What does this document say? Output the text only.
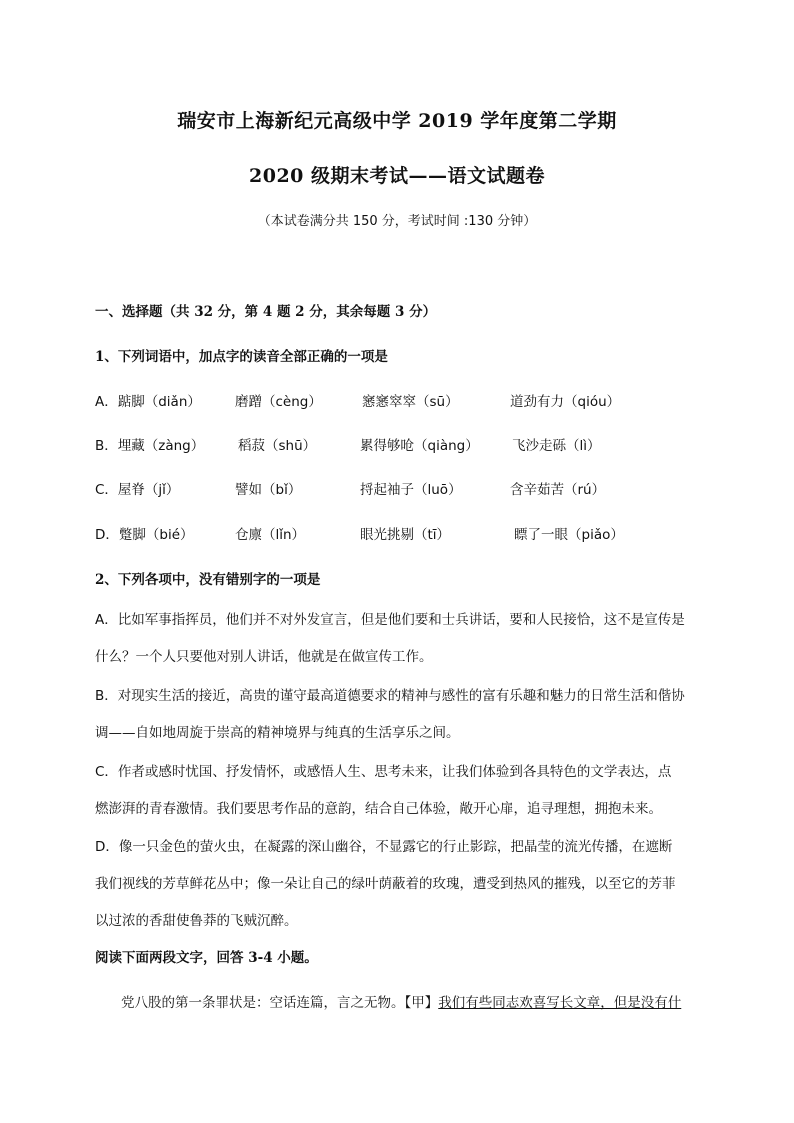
瑞安市上海新纪元高级中学 2019 学年度第二学期
2020 级期末考试——语文试题卷
（本试卷满分共 150 分，考试时间 :130 分钟）
一、选择题（共 32 分，第 4 题 2 分，其余每题 3 分）
1、下列词语中，加点字的读音全部正确的一项是
A．踮脚（diǎn）	磨蹭（cèng）	窸窸窣窣（sū）	道劲有力（qióu）
B．埋藏（zàng）	稻菽（shū）	累得够呛（qiàng） 飞沙走砾（lì）
C．屋脊（jǐ）	譬如（bǐ）	捋起袖子（luō）	含辛茹苦（rú）
D．蹩脚（bié）	仓廪（lǐn）	眼光挑剔（tī）	瞟了一眼（piǎo）
2、下列各项中，没有错别字的一项是
A．比如军事指挥员，他们并不对外发宣言，但是他们要和士兵讲话，要和人民接恰，这不是宣传是
什么？一个人只要他对别人讲话，他就是在做宣传工作。
B．对现实生活的接近，高贵的谨守最高道德要求的精神与感性的富有乐趣和魅力的日常生活和偕协
调——自如地周旋于崇高的精神境界与纯真的生活享乐之间。
C．作者或感时忧国、抒发情怀，或感悟人生、思考未来，让我们体验到各具特色的文学表达，点
燃澎湃的青春激情。我们要思考作品的意韵，结合自己体验，敞开心扉，追寻理想，拥抱未来。
D．像一只金色的萤火虫，在凝露的深山幽谷，不显露它的行止影踪，把晶莹的流光传播，在遮断
我们视线的芳草鲜花丛中；像一朵让自己的绿叶荫蔽着的玫瑰，遭受到热风的摧残，以至它的芳菲
以过浓的香甜使鲁莽的飞贼沉醉。
阅读下面两段文字，回答 3-4 小题。
党八股的第一条罪状是：空话连篇，言之无物。【甲】我们有些同志欢喜写长文章，但是没有什
